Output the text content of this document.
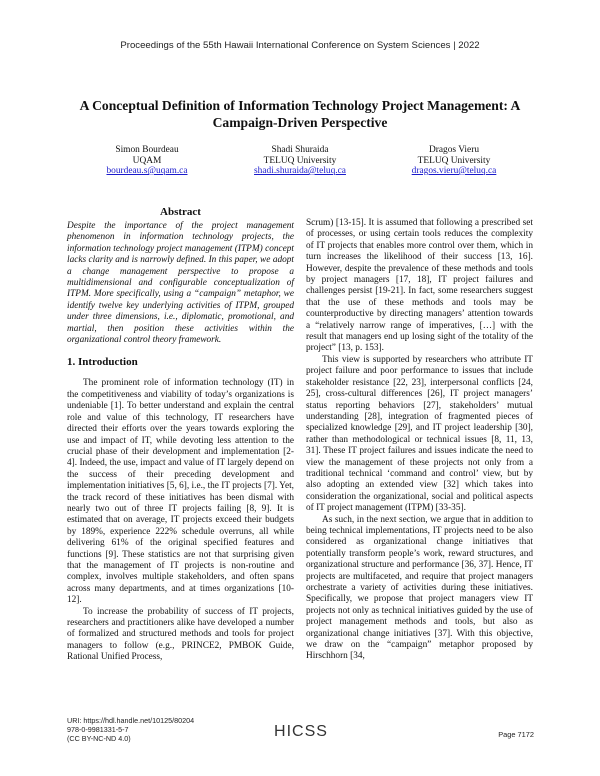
Proceedings of the 55th Hawaii International Conference on System Sciences | 2022
A Conceptual Definition of Information Technology Project Management: A Campaign-Driven Perspective
Simon Bourdeau
UQAM
bourdeau.s@uqam.ca
Shadi Shuraida
TELUQ University
shadi.shuraida@teluq.ca
Dragos Vieru
TELUQ University
dragos.vieru@teluq.ca
Abstract

Despite the importance of the project management phenomenon in information technology projects, the information technology project management (ITPM) concept lacks clarity and is narrowly defined. In this paper, we adopt a change management perspective to propose a multidimensional and configurable conceptualization of ITPM. More specifically, using a “campaign” metaphor, we identify twelve key underlying activities of ITPM, grouped under three dimensions, i.e., diplomatic, promotional, and martial, then position these activities within the organizational control theory framework.

1. Introduction

The prominent role of information technology (IT) in the competitiveness and viability of today’s organizations is undeniable [1]. To better understand and explain the central role and value of this technology, IT researchers have directed their efforts over the years towards exploring the use and impact of IT, while devoting less attention to the crucial phase of their development and implementation [2-4]. Indeed, the use, impact and value of IT largely depend on the success of their preceding development and implementation initiatives [5, 6], i.e., the IT projects [7]. Yet, the track record of these initiatives has been dismal with nearly two out of three IT projects failing [8, 9]. It is estimated that on average, IT projects exceed their budgets by 189%, experience 222% schedule overruns, all while delivering 61% of the original specified features and functions [9]. These statistics are not that surprising given that the management of IT projects is non-routine and complex, involves multiple stakeholders, and often spans across many departments, and at times organizations [10-12].

To increase the probability of success of IT projects, researchers and practitioners alike have developed a number of formalized and structured methods and tools for project managers to follow (e.g., PRINCE2, PMBOK Guide, Rational Unified Process,

Scrum) [13-15]. It is assumed that following a prescribed set of processes, or using certain tools reduces the complexity of IT projects that enables more control over them, which in turn increases the likelihood of their success [13, 16]. However, despite the prevalence of these methods and tools by project managers [17, 18], IT project failures and challenges persist [19-21]. In fact, some researchers suggest that the use of these methods and tools may be counterproductive by directing managers’ attention towards a “relatively narrow range of imperatives, […] with the result that managers end up losing sight of the totality of the project” [13, p. 153].

This view is supported by researchers who attribute IT project failure and poor performance to issues that include stakeholder resistance [22, 23], interpersonal conflicts [24, 25], cross-cultural differences [26], IT project managers’ status reporting behaviors [27], stakeholders’ mutual understanding [28], integration of fragmented pieces of specialized knowledge [29], and IT project leadership [30], rather than methodological or technical issues [8, 11, 13, 31]. These IT project failures and issues indicate the need to view the management of these projects not only from a traditional technical ‘command and control’ view, but by also adopting an extended view [32] which takes into consideration the organizational, social and political aspects of IT project management (ITPM) [33-35].

As such, in the next section, we argue that in addition to being technical implementations, IT projects need to be also considered as organizational change initiatives that potentially transform people’s work, reward structures, and organizational structure and performance [36, 37]. Hence, IT projects are multifaceted, and require that project managers orchestrate a variety of activities during these initiatives. Specifically, we propose that project managers view IT projects not only as technical initiatives guided by the use of project management methods and tools, but also as organizational change initiatives [37]. With this objective, we draw on the “campaign” metaphor proposed by Hirschhorn [34,

URI: https://hdl.handle.net/10125/80204
978-0-9981331-5-7
(CC BY-NC-ND 4.0)	HICSS	Page 7172
